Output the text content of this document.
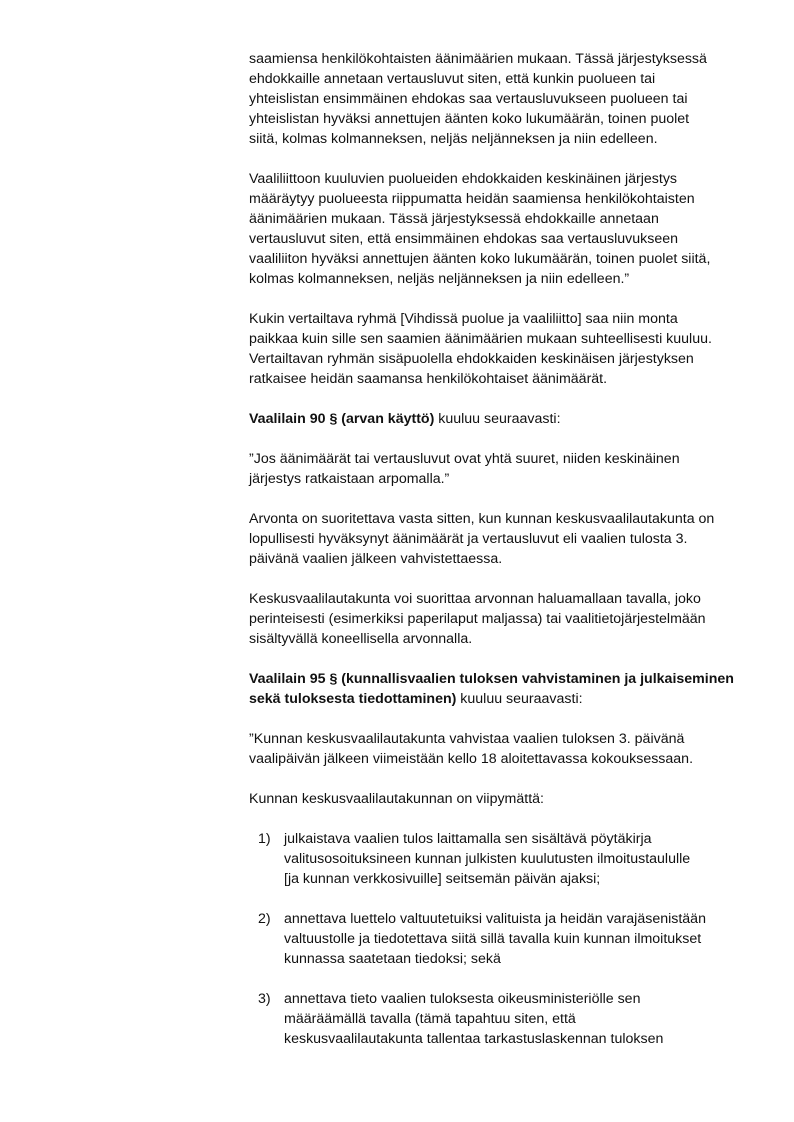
saamiensa henkilökohtaisten äänimäärien mukaan. Tässä järjestyksessä
ehdokkaille annetaan vertausluvut siten, että kunkin puolueen tai
yhteislistan ensimmäinen ehdokas saa vertausluvukseen puolueen tai
yhteislistan hyväksi annettujen äänten koko lukumäärän, toinen puolet
siitä, kolmas kolmanneksen, neljäs neljänneksen ja niin edelleen.
Vaaliliittoon kuuluvien puolueiden ehdokkaiden keskinäinen järjestys
määräytyy puolueesta riippumatta heidän saamiensa henkilökohtaisten
äänimäärien mukaan. Tässä järjestyksessä ehdokkaille annetaan
vertausluvut siten, että ensimmäinen ehdokas saa vertausluvukseen
vaaliliiton hyväksi annettujen äänten koko lukumäärän, toinen puolet siitä,
kolmas kolmanneksen, neljäs neljänneksen ja niin edelleen.”
Kukin vertailtava ryhmä [Vihdissä puolue ja vaaliliitto] saa niin monta
paikkaa kuin sille sen saamien äänimäärien mukaan suhteellisesti kuuluu.
Vertailtavan ryhmän sisäpuolella ehdokkaiden keskinäisen järjestyksen
ratkaisee heidän saamansa henkilökohtaiset äänimäärät.
Vaalilain 90 § (arvan käyttö) kuuluu seuraavasti:
”Jos äänimäärät tai vertausluvut ovat yhtä suuret, niiden keskinäinen
järjestys ratkaistaan arpomalla.”
Arvonta on suoritettava vasta sitten, kun kunnan keskusvaalilautakunta on
lopullisesti hyväksynyt äänimäärät ja vertausluvut eli vaalien tulosta 3.
päivänä vaalien jälkeen vahvistettaessa.
Keskusvaalilautakunta voi suorittaa arvonnan haluamallaan tavalla, joko
perinteisesti (esimerkiksi paperilaput maljassa) tai vaalitietojärjestelmään
sisältyvällä koneellisella arvonnalla.
Vaalilain 95 § (kunnallisvaalien tuloksen vahvistaminen ja julkaiseminen
sekä tuloksesta tiedottaminen) kuuluu seuraavasti:
”Kunnan keskusvaalilautakunta vahvistaa vaalien tuloksen 3. päivänä
vaalipäivän jälkeen viimeistään kello 18 aloitettavassa kokouksessaan.
Kunnan keskusvaalilautakunnan on viipymättä:
1) julkaistava vaalien tulos laittamalla sen sisältävä pöytäkirja
valitusosoituksineen kunnan julkisten kuulutusten ilmoitustaululle
[ja kunnan verkkosivuille] seitsemän päivän ajaksi;
2) annettava luettelo valtuutetuiksi valituista ja heidän varajäsenistään
valtuustolle ja tiedotettava siitä sillä tavalla kuin kunnan ilmoitukset
kunnassa saatetaan tiedoksi; sekä
3) annettava tieto vaalien tuloksesta oikeusministeriölle sen
määräämällä tavalla (tämä tapahtuu siten, että
keskusvaalilautakunta tallentaa tarkastuslaskennan tuloksen
